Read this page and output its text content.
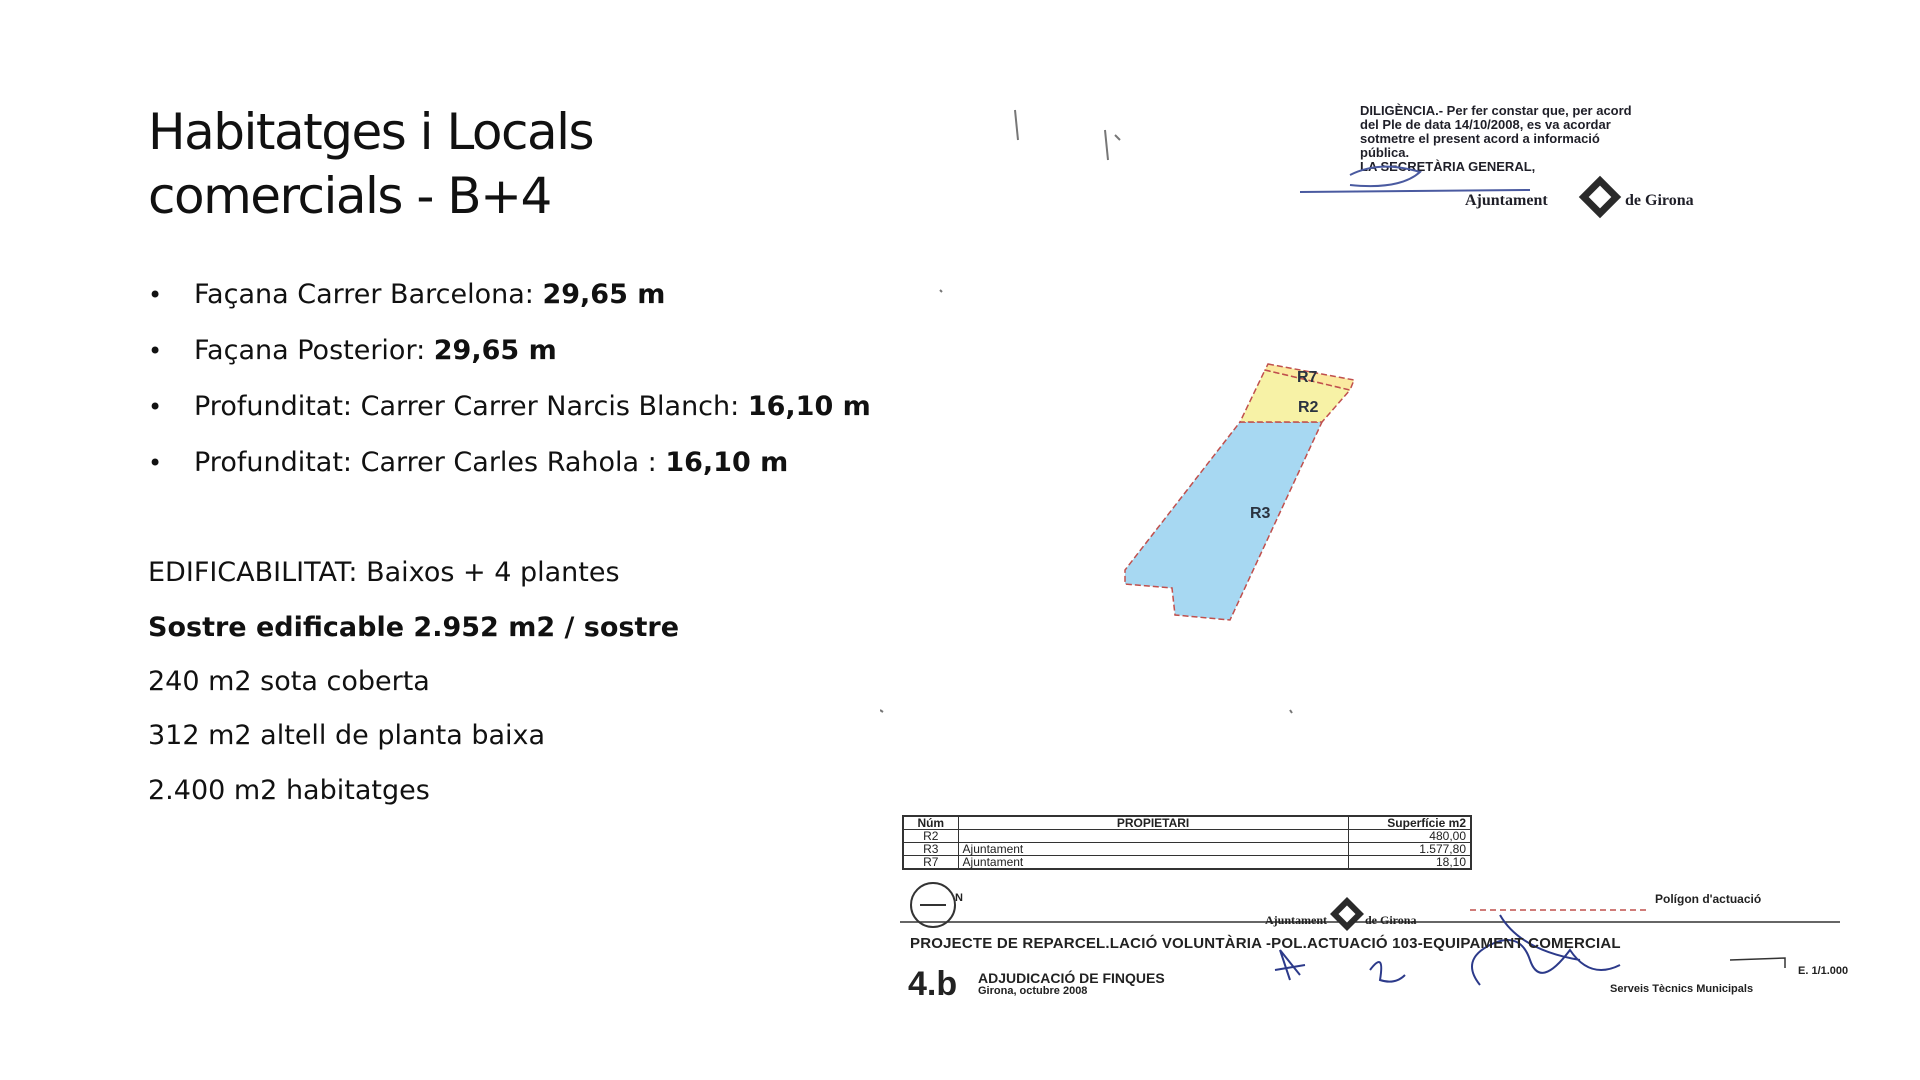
Habitatges i Locals
comercials - B+4
• Façana Carrer Barcelona: 29,65 m
• Façana Posterior: 29,65 m
• Profunditat: Carrer Carrer Narcis Blanch: 16,10 m
• Profunditat: Carrer Carles Rahola : 16,10 m
EDIFICABILITAT: Baixos + 4 plantes
Sostre edificable 2.952 m2 / sostre
240 m2 sota coberta
312 m2 altell de planta baixa
2.400 m2 habitatges
DILIGÈNCIA.- Per fer constar que, per acord
del Ple de data 14/10/2008, es va acordar
sotmetre el present acord a informació
pública.
LA SECRETÀRIA GENERAL,
Ajuntament	de Girona
R7
R2
R3
Núm	PROPIETARI	Superfície m2
R2		480,00
R3	Ajuntament	1.577,80
R7	Ajuntament	18,10
N	Polígon d'actuació
Ajuntament	de Girona
PROJECTE DE REPARCEL.LACIÓ VOLUNTÀRIA -POL.ACTUACIÓ 103-EQUIPAMENT COMERCIAL
4.b ADJUDICACIÓ DE FINQUES
Girona, octubre 2008
E. 1/1.000
Serveis Tècnics Municipals
